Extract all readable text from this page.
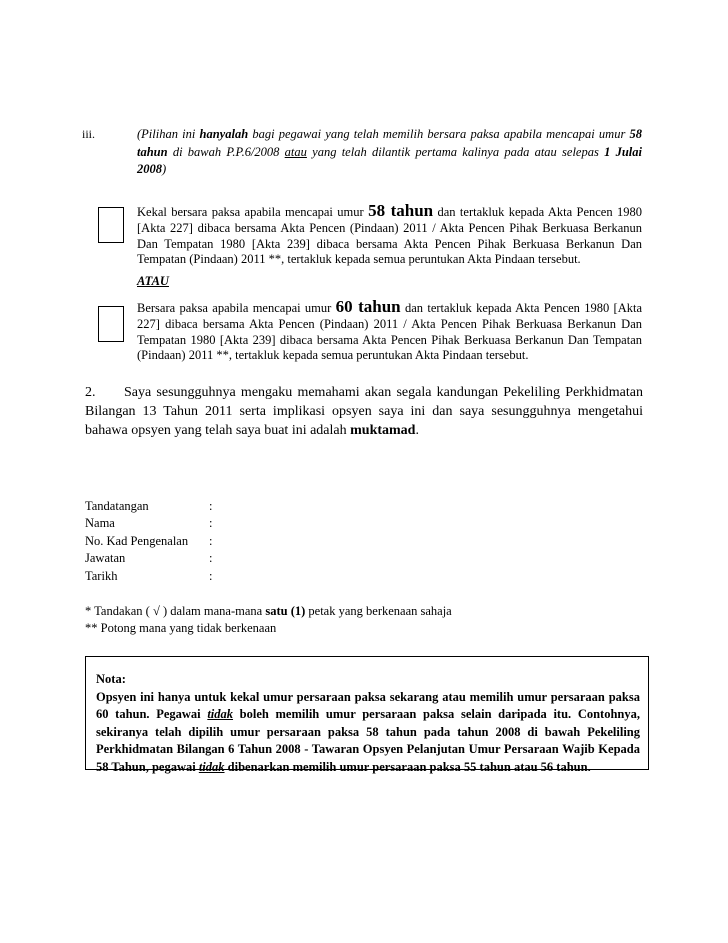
iii.	(Pilihan ini hanyalah bagi pegawai yang telah memilih bersara paksa apabila mencapai umur 58 tahun di bawah P.P.6/2008 atau yang telah dilantik pertama kalinya pada atau selepas 1 Julai 2008)
Kekal bersara paksa apabila mencapai umur 58 tahun dan tertakluk kepada Akta Pencen 1980 [Akta 227] dibaca bersama Akta Pencen (Pindaan) 2011 / Akta Pencen Pihak Berkuasa Berkanun Dan Tempatan 1980 [Akta 239] dibaca bersama Akta Pencen Pihak Berkuasa Berkanun Dan Tempatan (Pindaan) 2011 **, tertakluk kepada semua peruntukan Akta Pindaan tersebut.
ATAU
Bersara paksa apabila mencapai umur 60 tahun dan tertakluk kepada Akta Pencen 1980 [Akta 227] dibaca bersama Akta Pencen (Pindaan) 2011 / Akta Pencen Pihak Berkuasa Berkanun Dan Tempatan 1980 [Akta 239] dibaca bersama Akta Pencen Pihak Berkuasa Berkanun Dan Tempatan (Pindaan) 2011 **, tertakluk kepada semua peruntukan Akta Pindaan tersebut.
2. Saya sesungguhnya mengaku memahami akan segala kandungan Pekeliling Perkhidmatan Bilangan 13 Tahun 2011 serta implikasi opsyen saya ini dan saya sesungguhnya mengetahui bahawa opsyen yang telah saya buat ini adalah muktamad.
Tandatangan	:
Nama	:
No. Kad Pengenalan	:
Jawatan	:
Tarikh	:
* Tandakan ( √ ) dalam mana-mana satu (1) petak yang berkenaan sahaja
** Potong mana yang tidak berkenaan
Nota:
Opsyen ini hanya untuk kekal umur persaraan paksa sekarang atau memilih umur persaraan paksa 60 tahun. Pegawai tidak boleh memilih umur persaraan paksa selain daripada itu. Contohnya, sekiranya telah dipilih umur persaraan paksa 58 tahun pada tahun 2008 di bawah Pekeliling Perkhidmatan Bilangan 6 Tahun 2008 - Tawaran Opsyen Pelanjutan Umur Persaraan Wajib Kepada 58 Tahun, pegawai tidak dibenarkan memilih umur persaraan paksa 55 tahun atau 56 tahun.
